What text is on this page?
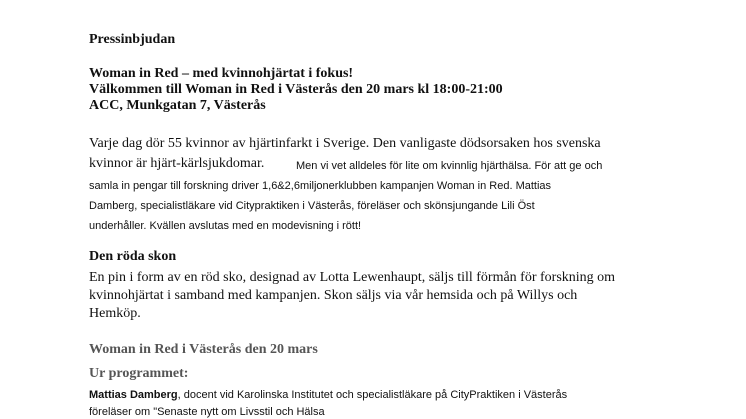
Pressinbjudan

Woman in Red – med kvinnohjärtat i fokus!

Välkommen till Woman in Red i Västerås den 20 mars kl 18:00-21:00

ACC, Munkgatan 7, Västerås

Varje dag dör 55 kvinnor av hjärtinfarkt i Sverige. Den vanligaste dödsorsaken hos svenska

kvinnor är hjärt-kärlsjukdomar.	Men vi vet alldeles för lite om kvinnlig hjärthälsa. För att ge och

samla in pengar till forskning driver 1,6&2,6miljonerklubben kampanjen Woman in Red. Mattias

Damberg, specialistläkare vid Citypraktiken i Västerås, föreläser och skönsjungande Lili Öst

underhåller. Kvällen avslutas med en modevisning i rött!

Den röda skon

En pin i form av en röd sko, designad av Lotta Lewenhaupt, säljs till förmån för forskning om

kvinnohjärtat i samband med kampanjen. Skon säljs via vår hemsida och på Willys och

Hemköp.

Woman in Red i Västerås den 20 mars

Ur programmet:

Mattias Damberg, docent vid Karolinska Institutet och specialistläkare på CityPraktiken i Västerås

föreläser om "Senaste nytt om Livsstil och Hälsa
